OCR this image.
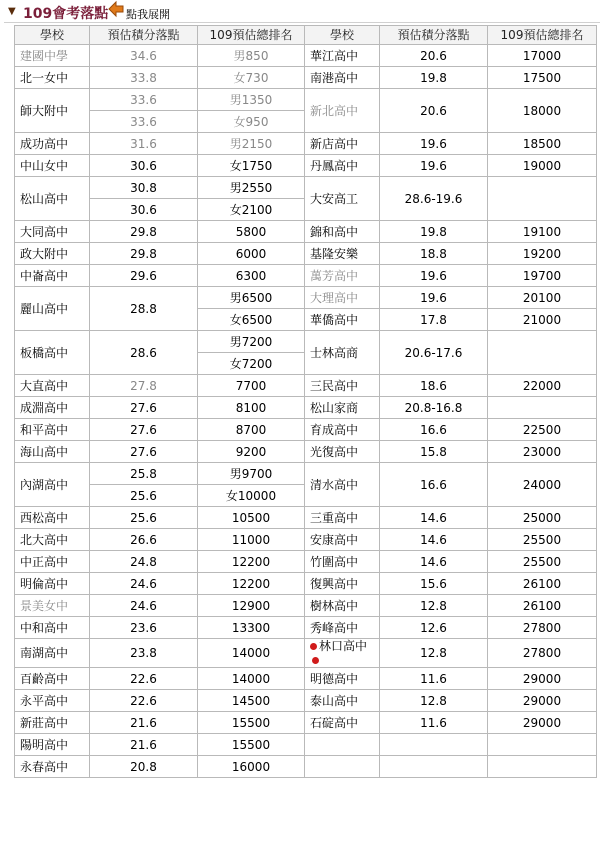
▼ 109會考落點 點我展開
學校	預估積分落點	109預估總排名	學校	預估積分落點	109預估總排名
建國中學	34.6	男850	華江高中	20.6	17000
北一女中	33.8	女730	南港高中	19.8	17500
師大附中	33.6	男1350	新北高中	20.6	18000
	33.6	女950			
成功高中	31.6	男2150	新店高中	19.6	18500
中山女中	30.6	女1750	丹鳳高中	19.6	19000
松山高中	30.8	男2550	大安高工	28.6-19.6	
	30.6	女2100			
大同高中	29.8	5800	錦和高中	19.8	19100
政大附中	29.8	6000	基隆安樂	18.8	19200
中崙高中	29.6	6300	萬芳高中	19.6	19700
麗山高中	28.8	男6500	大理高中	19.6	20100
		女6500	華僑高中	17.8	21000
板橋高中	28.6	男7200	士林高商	20.6-17.6	
		女7200			
大直高中	27.8	7700	三民高中	18.6	22000
成淵高中	27.6	8100	松山家商	20.8-16.8	
和平高中	27.6	8700	育成高中	16.6	22500
海山高中	27.6	9200	光復高中	15.8	23000
內湖高中	25.8	男9700	清水高中	16.6	24000
	25.6	女10000			
西松高中	25.6	10500	三重高中	14.6	25000
北大高中	26.6	11000	安康高中	14.6	25500
中正高中	24.8	12200	竹圍高中	14.6	25500
明倫高中	24.6	12200	復興高中	15.6	26100
景美女中	24.6	12900	樹林高中	12.8	26100
中和高中	23.6	13300	秀峰高中	12.6	27800
南湖高中	23.8	14000	林口高中	12.8	27800
百齡高中	22.6	14000	明德高中	11.6	29000
永平高中	22.6	14500	泰山高中	12.8	29000
新莊高中	21.6	15500	石碇高中	11.6	29000
陽明高中	21.6	15500			
永春高中	20.8	16000			
